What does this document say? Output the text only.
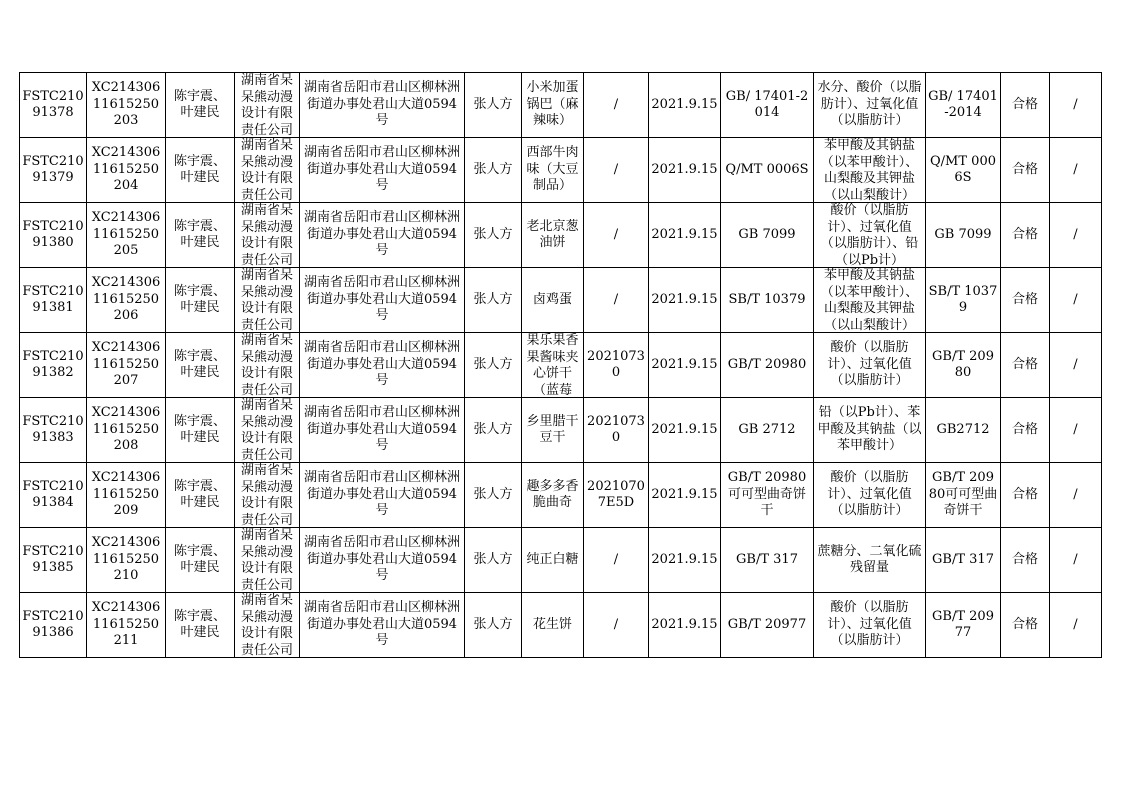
FSTC21091378	XC21430611615250203	陈宇震、叶建民	湖南省呆呆熊动漫设计有限责任公司	湖南省岳阳市君山区柳林洲街道办事处君山大道0594号	张人方	小米加蛋锅巴（麻辣味）	/	2021.9.15	GB/ 17401-2014	水分、酸价（以脂肪计）、过氧化值（以脂肪计）	GB/ 17401-2014	合格	/

FSTC21091379	XC21430611615250204	陈宇震、叶建民	湖南省呆呆熊动漫设计有限责任公司	湖南省岳阳市君山区柳林洲街道办事处君山大道0594号	张人方	西部牛肉味（大豆制品）	/	2021.9.15	Q/MT 0006S	苯甲酸及其钠盐（以苯甲酸计）、山梨酸及其钾盐（以山梨酸计）	Q/MT 0006S	合格	/

FSTC21091380	XC21430611615250205	陈宇震、叶建民	湖南省呆呆熊动漫设计有限责任公司	湖南省岳阳市君山区柳林洲街道办事处君山大道0594号	张人方	老北京葱油饼	/	2021.9.15	GB 7099	酸价（以脂肪计）、过氧化值（以脂肪计）、铅（以Pb计）	GB 7099	合格	/

FSTC21091381	XC21430611615250206	陈宇震、叶建民	湖南省呆呆熊动漫设计有限责任公司	湖南省岳阳市君山区柳林洲街道办事处君山大道0594号	张人方	卤鸡蛋	/	2021.9.15	SB/T 10379	苯甲酸及其钠盐（以苯甲酸计）、山梨酸及其钾盐（以山梨酸计）	SB/T 10379	合格	/

FSTC21091382	XC21430611615250207	陈宇震、叶建民	湖南省呆呆熊动漫设计有限责任公司	湖南省岳阳市君山区柳林洲街道办事处君山大道0594号	张人方	果乐果香果酱味夹心饼干（蓝莓	20210730	2021.9.15	GB/T 20980	酸价（以脂肪计）、过氧化值（以脂肪计）	GB/T 20980	合格	/

FSTC21091383	XC21430611615250208	陈宇震、叶建民	湖南省呆呆熊动漫设计有限责任公司	湖南省岳阳市君山区柳林洲街道办事处君山大道0594号	张人方	乡里腊干豆干	20210730	2021.9.15	GB 2712	铅（以Pb计）、苯甲酸及其钠盐（以苯甲酸计）	GB2712	合格	/

FSTC21091384	XC21430611615250209	陈宇震、叶建民	湖南省呆呆熊动漫设计有限责任公司	湖南省岳阳市君山区柳林洲街道办事处君山大道0594号	张人方	趣多多香脆曲奇	20210707E5D	2021.9.15	GB/T 20980可可型曲奇饼干	酸价（以脂肪计）、过氧化值（以脂肪计）	GB/T 20980可可型曲奇饼干	合格	/

FSTC21091385	XC21430611615250210	陈宇震、叶建民	湖南省呆呆熊动漫设计有限责任公司	湖南省岳阳市君山区柳林洲街道办事处君山大道0594号	张人方	纯正白糖	/	2021.9.15	GB/T 317	蔗糖分、二氧化硫残留量	GB/T 317	合格	/

FSTC21091386	XC21430611615250211	陈宇震、叶建民	湖南省呆呆熊动漫设计有限责任公司	湖南省岳阳市君山区柳林洲街道办事处君山大道0594号	张人方	花生饼	/	2021.9.15	GB/T 20977	酸价（以脂肪计）、过氧化值（以脂肪计）	GB/T 20977	合格	/
